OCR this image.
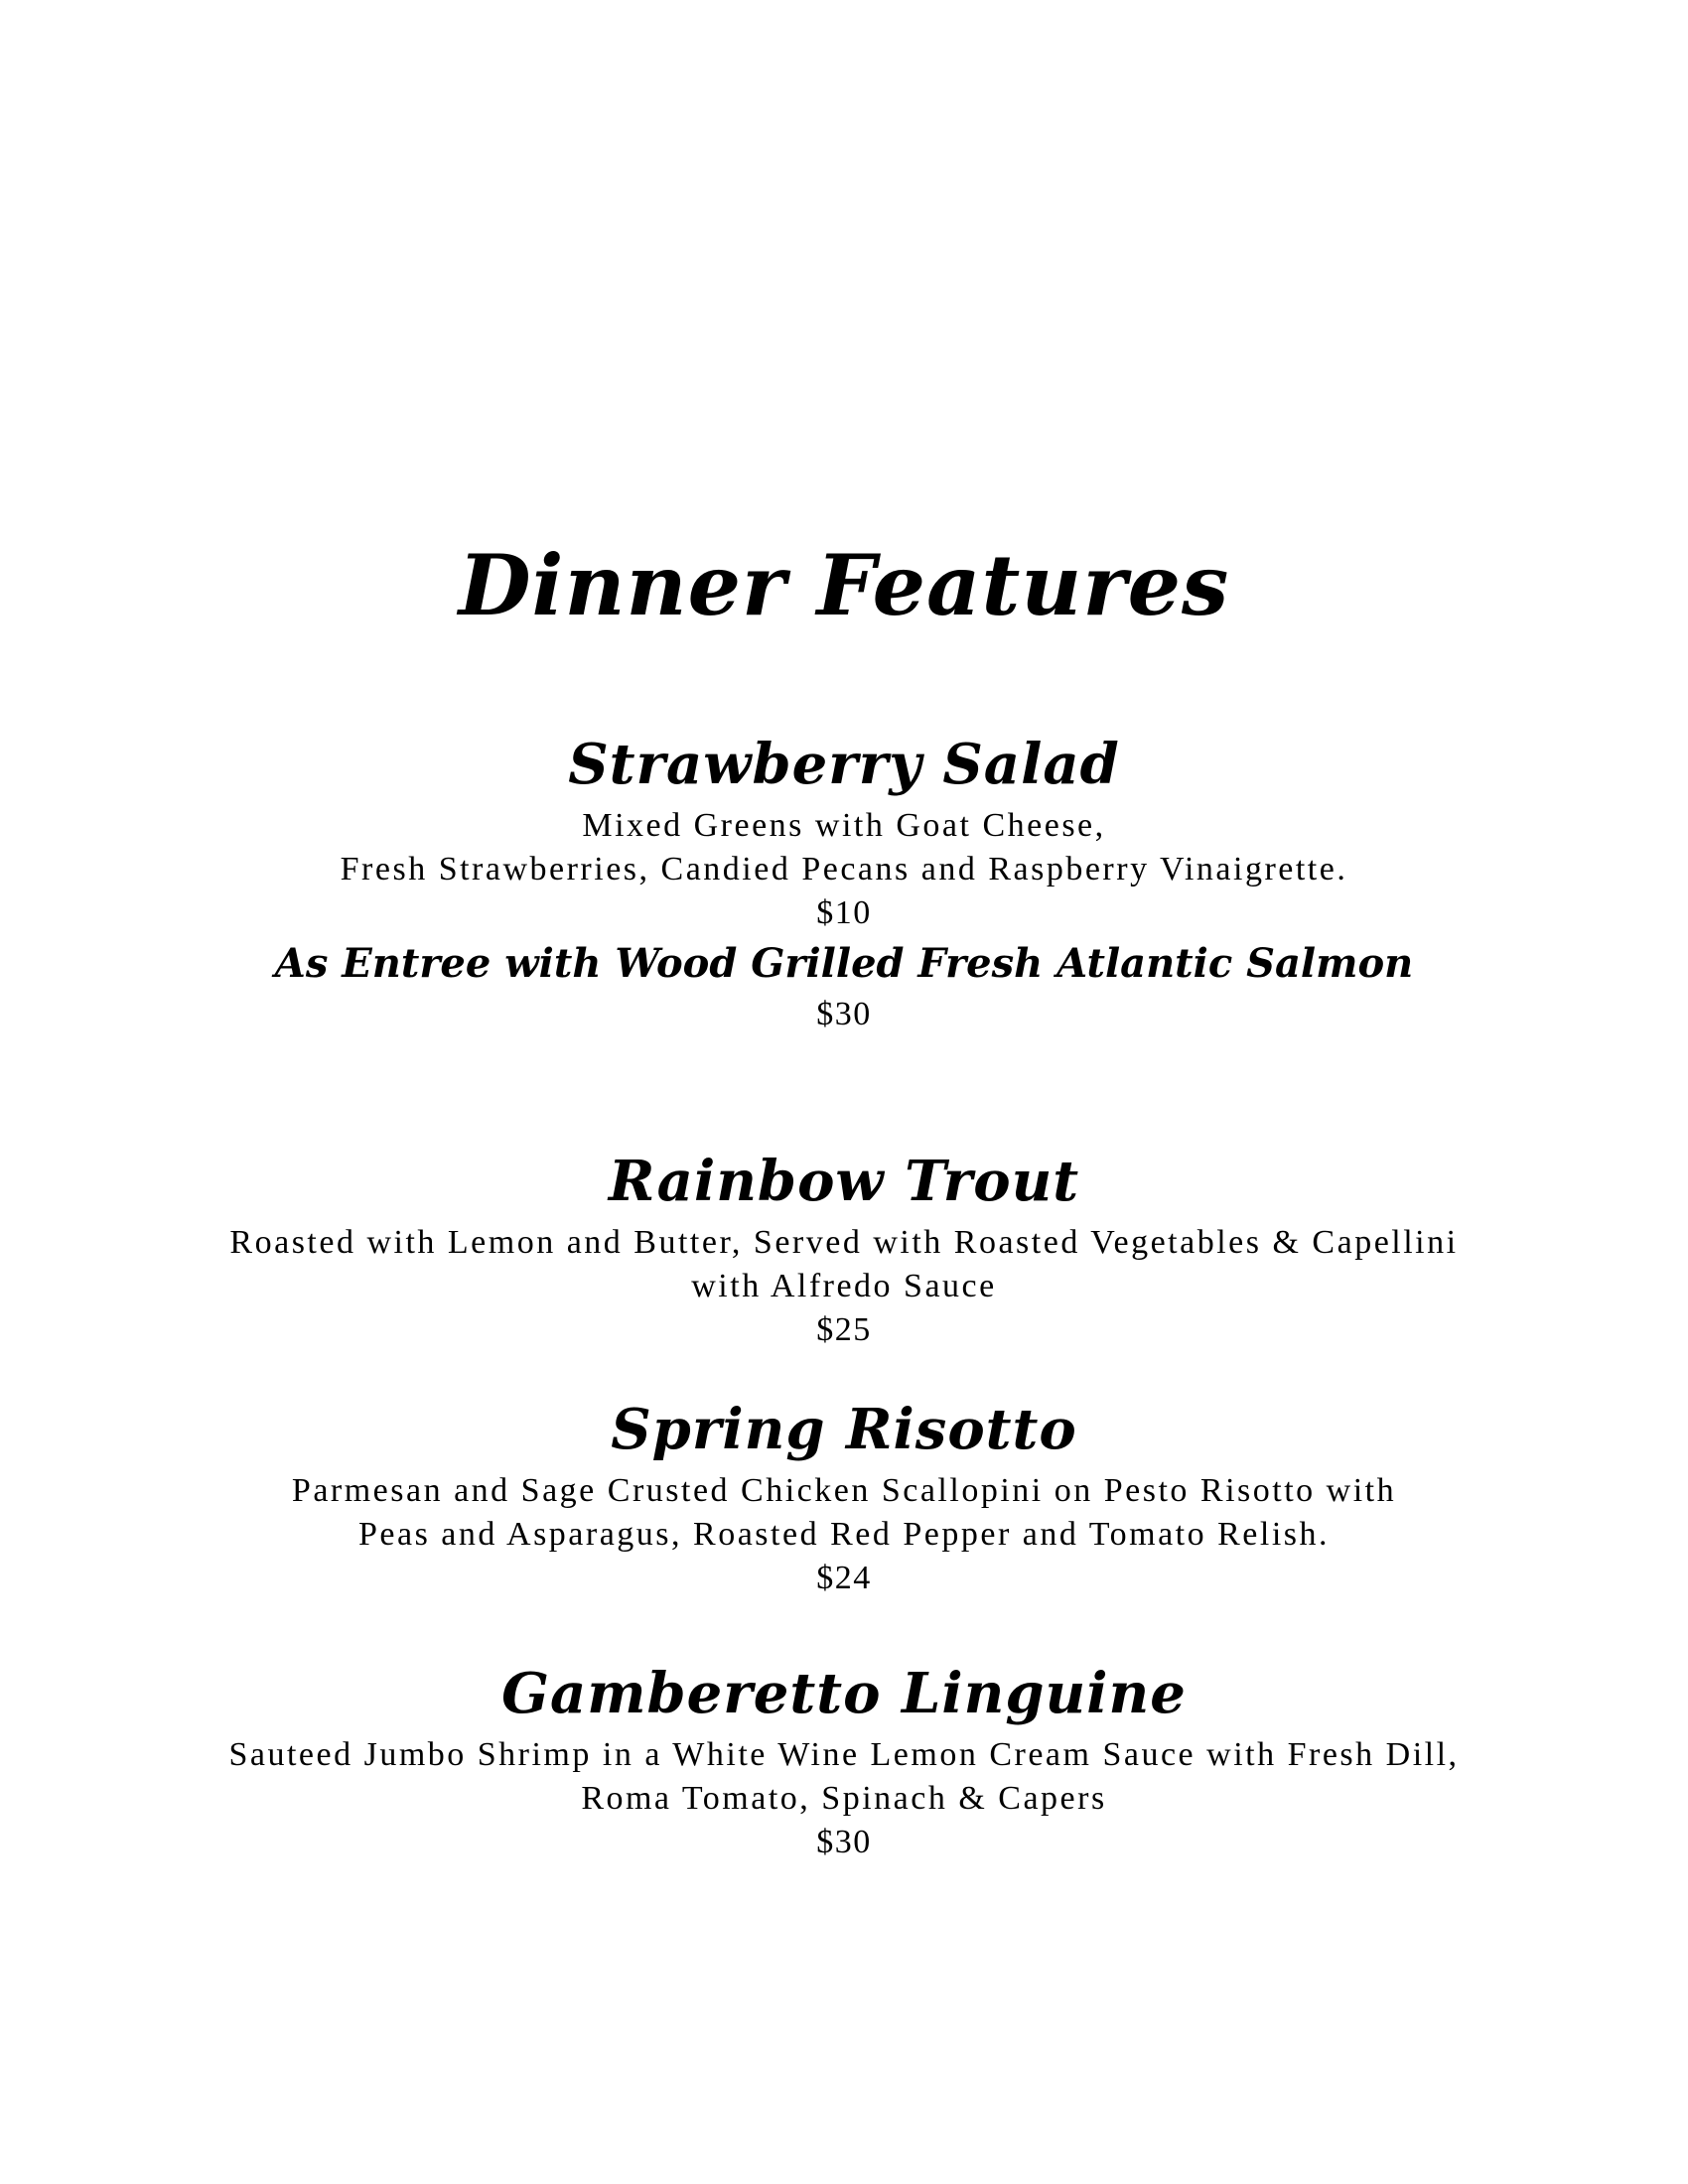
Dinner Features
Strawberry Salad

Mixed Greens with Goat Cheese,

Fresh Strawberries, Candied Pecans and Raspberry Vinaigrette.

$10

As Entree with Wood Grilled Fresh Atlantic Salmon

$30

Rainbow Trout

Roasted with Lemon and Butter, Served with Roasted Vegetables & Capellini

with Alfredo Sauce

$25

Spring Risotto

Parmesan and Sage Crusted Chicken Scallopini on Pesto Risotto with

Peas and Asparagus, Roasted Red Pepper and Tomato Relish.

$24

Gamberetto Linguine

Sauteed Jumbo Shrimp in a White Wine Lemon Cream Sauce with Fresh Dill,

Roma Tomato, Spinach & Capers

$30
